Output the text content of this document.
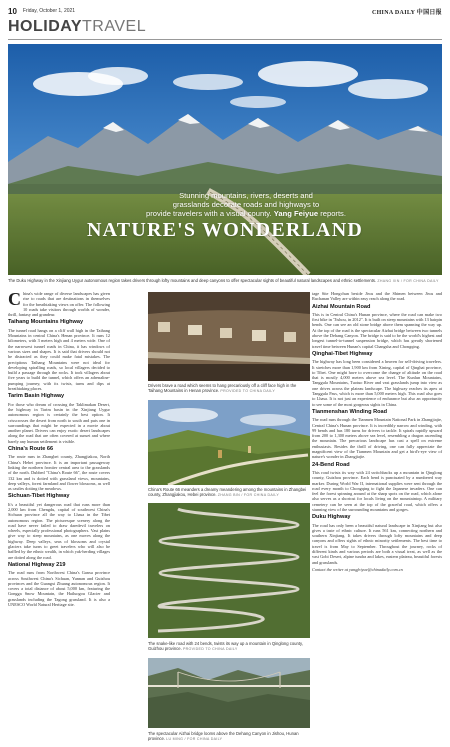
10 Friday, October 1, 2021	CHINA DAILY 中国日报
HOLIDAYTRAVEL
Stunning mountains, rivers, deserts and
grasslands decorate roads and highways to
provide travelers with a visual county. Yang Feiyue reports.
NATURE'S WONDERLAND
The Duku Highway in the Xinjiang Uygur autonomous region takes drivers through lofty mountains and deep canyons to offer spectacular sights of beautiful natural landscapes and ethnic settlements. ZHANG XIN / FOR CHINA DAILY

China's wide range of diverse landscapes has given rise to roads that are destinations in themselves for the breathtaking views on offer. The following 10 roads take visitors through worlds of wonder, thrill, fantasy and grandeur.

Taihang Mountains Highway

The tunnel road hangs on a cliff wall high in the Taihang Mountains in central China's Henan province. It runs 12 kilometers, with 3 meters high and 4 meters wide. One of the narrowest tunnel roads in China, it has windows of various sizes and shapes. It is said that drivers should not be distracted as they could make fatal mistakes. The precipitous Taihang Mountains were not ideal for developing spiralling roads, so local villagers decided to build a passage through the rocks. It took villagers about five years to build the tunnel, which offers an adrenaline-pumping journey, with its twists, turns and dips at breathtaking places.

Tarim Basin Highway

For those who dream of crossing the Taklimakan Desert, the highway in Tarim basin in the Xinjiang Uygur autonomous region is certainly the best option. It crisscrosses the desert from north to south and puts one in surroundings that might be expected in a movie about another planet. Drivers can enjoy exotic desert landscapes along the road that are often covered at sunset and where barely any human settlement is visible.

China's Route 66

The route runs in Zhangbei county, Zhangjiakou, North China's Hebei province. It is an important passageway linking the northern frontier central area to the grasslands of the north. Dubbed "China's Route 66", the route covers 132 km and is dotted with grassland views, mountains, deep valleys, forest farmland and flower blossoms, as well as castles dotting the meadows.

Sichuan-Tibet Highway

It's a beautiful yet dangerous road that runs more than 2,000 km from Chengdu, capital of southwest China's Sichuan province all the way to Lhasa in the Tibet autonomous region. The picturesque scenery along the road have never failed to draw daredevil travelers on wheels, especially professional photographers. Vast plains give way to steep mountains, as one moves along the highway. Deep valleys, seas of blossoms and crystal glaciers take turns to greet travelers who will also be baffled by the ethnic wealth, in which yak-herding villages are dotted along the road.

National Highway 219

The road runs from Northwest China's Gansu province across Southwest China's Sichuan, Yunnan and Guizhou provinces and the Guangxi Zhuang autonomous region. It covers a total distance of about 5,000 km, featuring the Gongga Snow Mountain, the Hailuogou Glacier and grasslands including the Tagong grassland. It is also a UNESCO World Natural Heritage site.

Drivers brave a road which seems to hang precariously off a cliff face high in the Taihang Mountains in Henan province. PROVIDED TO CHINA DAILY
China's Route 66 meanders a dreamy meandering among the mountains in Zhangbei county, Zhangjiakou, Hebei province. ZHANG BIN / FOR CHINA DAILY
The snake-like road with 24 bends, twists its way up a mountain in Qinglong county, Guizhou province. PROVIDED TO CHINA DAILY
The spectacular Aizhai bridge looms above the Dehang Canyon in Jishou, Hunan province. LU MING / FOR CHINA DAILY

tage Site Hongchun beside Jiwu and the Shimen between Jiwu and Ruchanan Valley are within easy reach along the road.

Aizhai Mountain Road

This is in Central China's Hunan province, where the road can make two first bike in "Jishou, in 2012". It is built on steep mountains with 13 hairpin bends. One can see an old stone bridge above them spanning the way up. At the top of the road is the spectacular Aizhai bridge between two tunnels above the Dehang Canyon. The bridge is said to be the world's highest and longest tunnel-to-tunnel suspension bridge, which has greatly shortened travel time between Hunan's capital Changsha and Chongqing.

Qinghai-Tibet Highway

The highway has long been considered a heaven for self-driving travelers. It stretches more than 1,900 km from Xining, capital of Qinghai province, to Tibet. One might have to overcome the change of altitude on the road that is mostly 4,000 meters above sea level. The Kunlun Mountains, Tanggula Mountains, Tuotuo River and vast grasslands jump into view as one drives across the plateau landscape. The highway reaches its apex at Tanggula Pass, which is more than 5,000 meters high. This road also goes to Lhasa. It is not just an experience of endurance but also an opportunity to see some of the most gorgeous sights in China.

Tianmenshan Winding Road

The road runs through the Tianmen Mountain National Park in Zhangjiajie, Central China's Hunan province. It is incredibly narrow and winding, with 99 bends and has 180 turns for drivers to tackle. It spirals rapidly upward from 200 to 1,300 meters above sea level, resembling a dragon ascending the mountain. The precarious landscape has cast a spell on extreme enthusiasts. Besides the thrill of driving, one can fully appreciate the magnificent view of the Tianmen Mountain and get a bird's-eye view of nature's wonder in Zhangjiajie.

24-Bend Road

This road twists its way with 24 switchbacks up a mountain in Qinglong county, Guizhou province. Each bend is punctuated by a numbered way marker. During World War II, international supplies were sent through the road every month to Chongqing to fight the Japanese invaders. One can feel the forest spinning around at the sharp spots on the road, which alone also serves as a shortcut for locals living on the mountaintop. A military cemetery can be seen at the top of the graceful road, which offers a stunning view of the surrounding mountains and gorges.

Duku Highway

The road has only been a beautiful natural landscape in Xinjiang but also gives a taste of ethnic culture. It runs 561 km, connecting northern and southern Xinjiang. It takes drivers through lofty mountains and deep canyons and offers sights of ethnic minority settlements. The best time to travel is from May to September. Throughout the journey, rocks of different kinds and various periods are both a visual treat, as well as the vast Gobi Desert, alpine tundra and lakes, eastern plateau, beautiful forests and grasslands.

Contact the writer at yangfeiyue@chinadaily.com.cn
